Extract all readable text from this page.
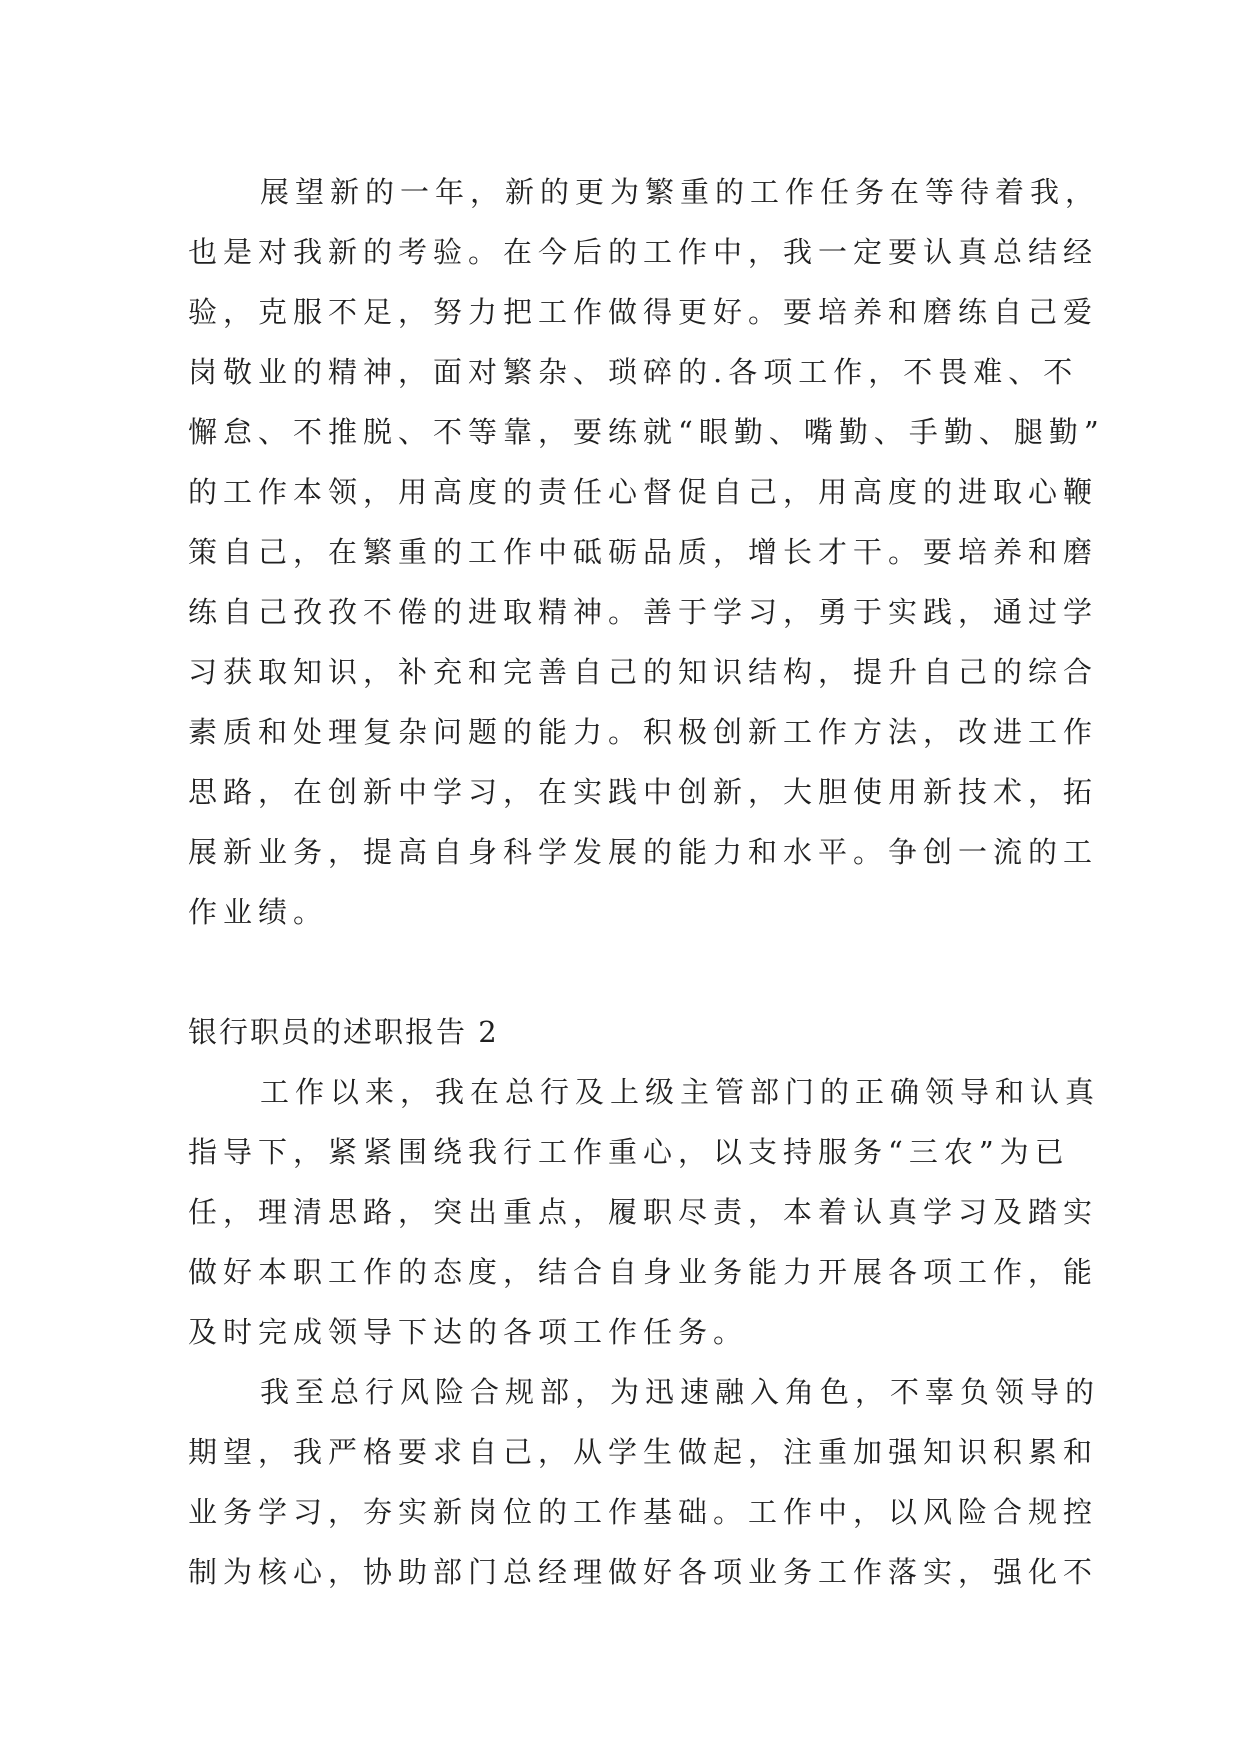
展望新的一年，新的更为繁重的工作任务在等待着我，
也是对我新的考验。在今后的工作中，我一定要认真总结经
验，克服不足，努力把工作做得更好。要培养和磨练自己爱
岗敬业的精神，面对繁杂、琐碎的.各项工作，不畏难、不
懈怠、不推脱、不等靠，要练就“眼勤、嘴勤、手勤、腿勤”
的工作本领，用高度的责任心督促自己，用高度的进取心鞭
策自己，在繁重的工作中砥砺品质，增长才干。要培养和磨
练自己孜孜不倦的进取精神。善于学习，勇于实践，通过学
习获取知识，补充和完善自己的知识结构，提升自己的综合
素质和处理复杂问题的能力。积极创新工作方法，改进工作
思路，在创新中学习，在实践中创新，大胆使用新技术，拓
展新业务，提高自身科学发展的能力和水平。争创一流的工
作业绩。
银行职员的述职报告 2
工作以来，我在总行及上级主管部门的正确领导和认真
指导下，紧紧围绕我行工作重心，以支持服务“三农”为已
任，理清思路，突出重点，履职尽责，本着认真学习及踏实
做好本职工作的态度，结合自身业务能力开展各项工作，能
及时完成领导下达的各项工作任务。
我至总行风险合规部，为迅速融入角色，不辜负领导的
期望，我严格要求自己，从学生做起，注重加强知识积累和
业务学习，夯实新岗位的工作基础。工作中，以风险合规控
制为核心，协助部门总经理做好各项业务工作落实，强化不
